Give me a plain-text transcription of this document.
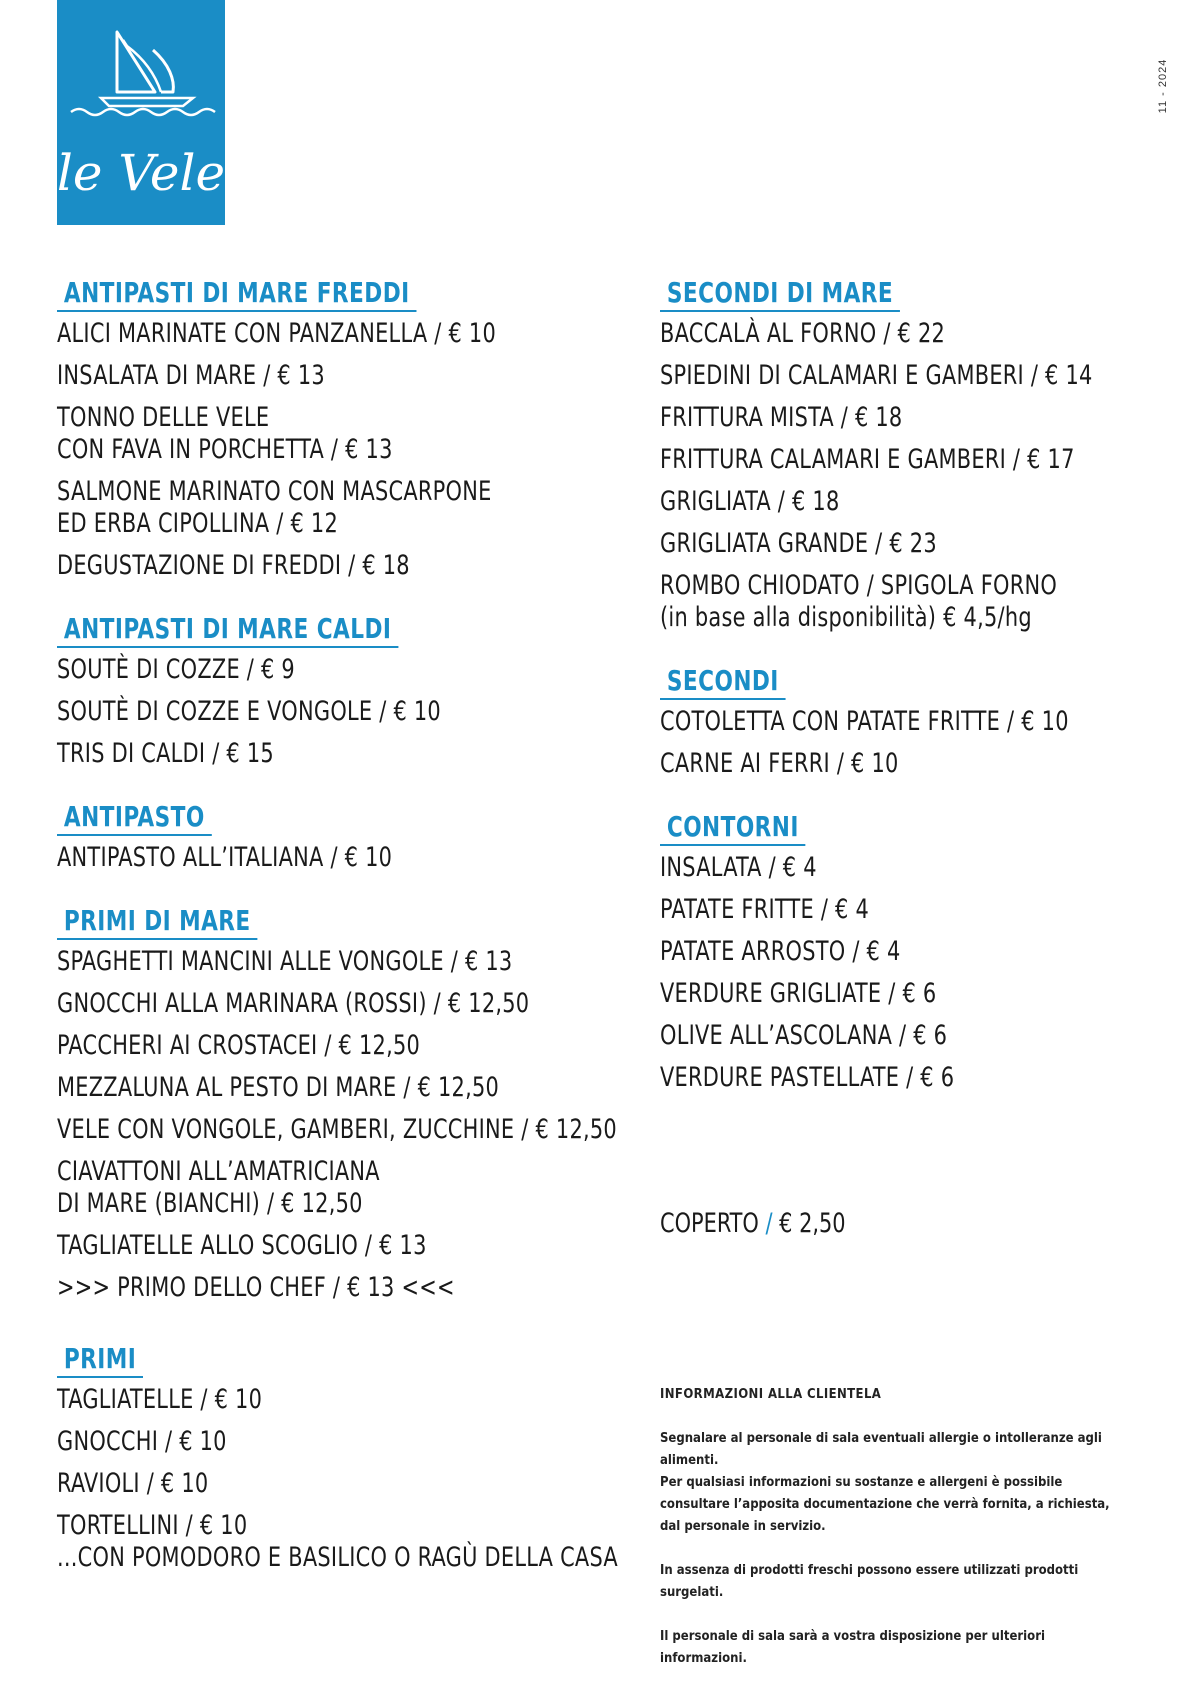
le Vele
11 - 2024
ANTIPASTI DI MARE FREDDI
ALICI MARINATE CON PANZANELLA / € 10
INSALATA DI MARE / € 13
TONNO DELLE VELE
CON FAVA IN PORCHETTA / € 13
SALMONE MARINATO CON MASCARPONE
ED ERBA CIPOLLINA / € 12
DEGUSTAZIONE DI FREDDI / € 18
ANTIPASTI DI MARE CALDI
SOUTÈ DI COZZE / € 9
SOUTÈ DI COZZE E VONGOLE / € 10
TRIS DI CALDI / € 15
ANTIPASTO
ANTIPASTO ALL’ITALIANA / € 10
PRIMI DI MARE
SPAGHETTI MANCINI ALLE VONGOLE / € 13
GNOCCHI ALLA MARINARA (ROSSI) / € 12,50
PACCHERI AI CROSTACEI / € 12,50
MEZZALUNA AL PESTO DI MARE / € 12,50
VELE CON VONGOLE, GAMBERI, ZUCCHINE / € 12,50
CIAVATTONI ALL’AMATRICIANA
DI MARE (BIANCHI) / € 12,50
TAGLIATELLE ALLO SCOGLIO / € 13
>>> PRIMO DELLO CHEF / € 13 <<<
PRIMI
TAGLIATELLE / € 10
GNOCCHI / € 10
RAVIOLI / € 10
TORTELLINI / € 10
...CON POMODORO E BASILICO O RAGÙ DELLA CASA
SECONDI DI MARE
BACCALÀ AL FORNO / € 22
SPIEDINI DI CALAMARI E GAMBERI / € 14
FRITTURA MISTA / € 18
FRITTURA CALAMARI E GAMBERI / € 17
GRIGLIATA / € 18
GRIGLIATA GRANDE / € 23
ROMBO CHIODATO / SPIGOLA FORNO
(in base alla disponibilità) € 4,5/hg
SECONDI
COTOLETTA CON PATATE FRITTE / € 10
CARNE AI FERRI / € 10
CONTORNI
INSALATA / € 4
PATATE FRITTE / € 4
PATATE ARROSTO / € 4
VERDURE GRIGLIATE / € 6
OLIVE ALL’ASCOLANA / € 6
VERDURE PASTELLATE / € 6
COPERTO / € 2,50
INFORMAZIONI ALLA CLIENTELA

Segnalare al personale di sala eventuali allergie o intolleranze agli alimenti.

Per qualsiasi informazioni su sostanze e allergeni è possibile consultare l’apposita documentazione che verrà fornita, a richiesta, dal personale in servizio.

In assenza di prodotti freschi possono essere utilizzati prodotti surgelati.

Il personale di sala sarà a vostra disposizione per ulteriori informazioni.
